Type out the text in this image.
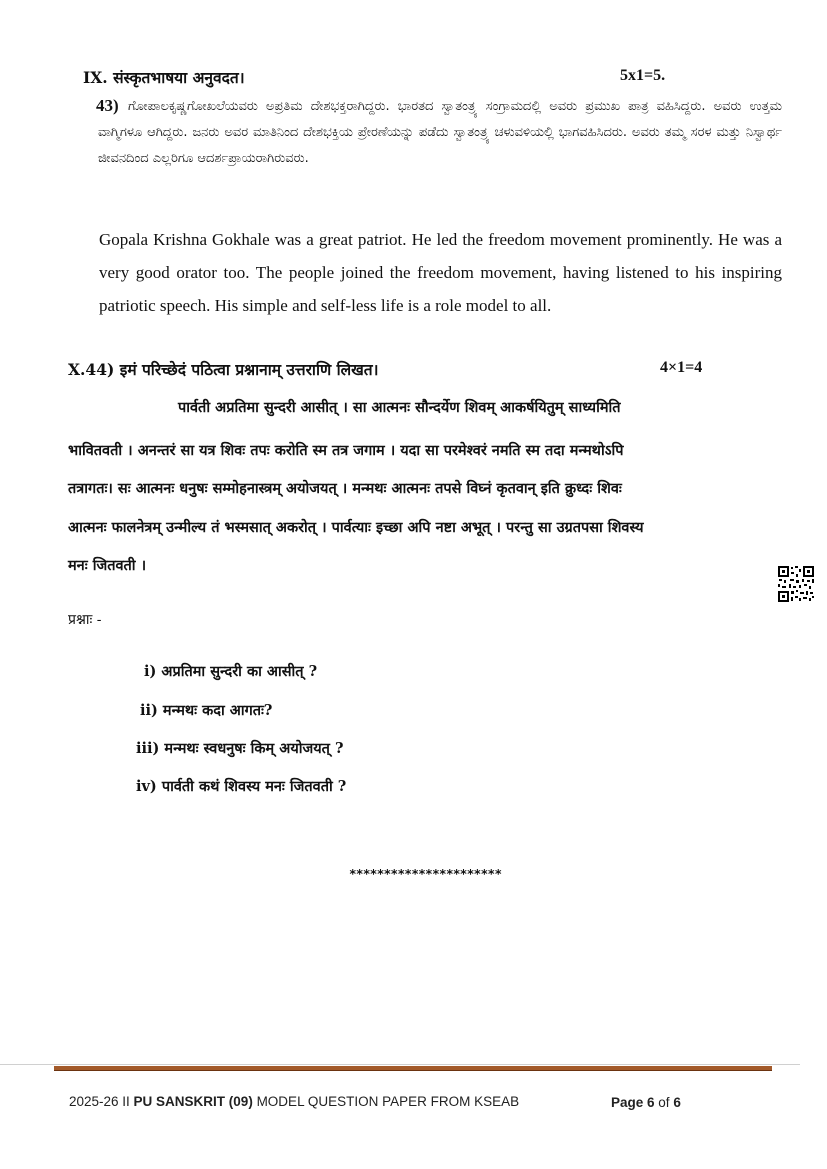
IX. संस्कृतभाषया अनुवदत।	5x1=5.
43) ಗೋಪಾಲಕೃಷ್ಣಗೋಖಲೆಯವರು ಅಪ್ರತಿಮ ದೇಶಭಕ್ತರಾಗಿದ್ದರು. ಭಾರತದ ಸ್ವಾತಂತ್ರ್ಯ ಸಂಗ್ರಾಮದಲ್ಲಿ ಅವರು ಪ್ರಮುಖ ಪಾತ್ರ ವಹಿಸಿದ್ದರು. ಅವರು ಉತ್ತಮ ವಾಗ್ಮಿಗಳೂ ಆಗಿದ್ದರು. ಜನರು ಅವರ ಮಾತಿನಿಂದ ದೇಶಭಕ್ತಿಯ ಪ್ರೇರಣೆಯನ್ನು ಪಡೆದು ಸ್ವಾತಂತ್ರ್ಯ ಚಳುವಳಿಯಲ್ಲಿ ಭಾಗವಹಿಸಿದರು. ಅವರು ತಮ್ಮ ಸರಳ ಮತ್ತು ನಿಸ್ವಾರ್ಥ ಜೀವನದಿಂದ ಎಲ್ಲರಿಗೂ ಆದರ್ಶಪ್ರಾಯರಾಗಿರುವರು.
Gopala Krishna Gokhale was a great patriot. He led the freedom movement prominently. He was a very good orator too. The people joined the freedom movement, having listened to his inspiring patriotic speech. His simple and self-less life is a role model to all.
X.44) इमं परिच्छेदं पठित्वा प्रश्नानाम् उत्तराणि लिखत।	4×1=4
पार्वती अप्रतिमा सुन्दरी आसीत् । सा आत्मनः सौन्दर्येण शिवम् आकर्षयितुम् साध्यमिति
भावितवती । अनन्तरं सा यत्र शिवः तपः करोति स्म तत्र जगाम । यदा सा परमेश्वरं नमति स्म तदा मन्मथोऽपि
तत्रागतः। सः आत्मनः धनुषः सम्मोहनास्त्रम् अयोजयत् । मन्मथः आत्मनः तपसे विघ्नं कृतवान् इति क्रुध्दः शिवः
आत्मनः फालनेत्रम् उन्मील्य तं भस्मसात् अकरोत् । पार्वत्याः इच्छा अपि नष्टा अभूत् । परन्तु सा उग्रतपसा शिवस्य
मनः जितवती ।
प्रश्नाः -
i) अप्रतिमा सुन्दरी का आसीत् ?
ii) मन्मथः कदा आगतः?
iii) मन्मथः स्वधनुषः किम् अयोजयत् ?
iv) पार्वती कथं शिवस्य मनः जितवती ?
**********************
2025-26 II PU SANSKRIT (09) MODEL QUESTION PAPER FROM KSEAB	Page 6 of 6
